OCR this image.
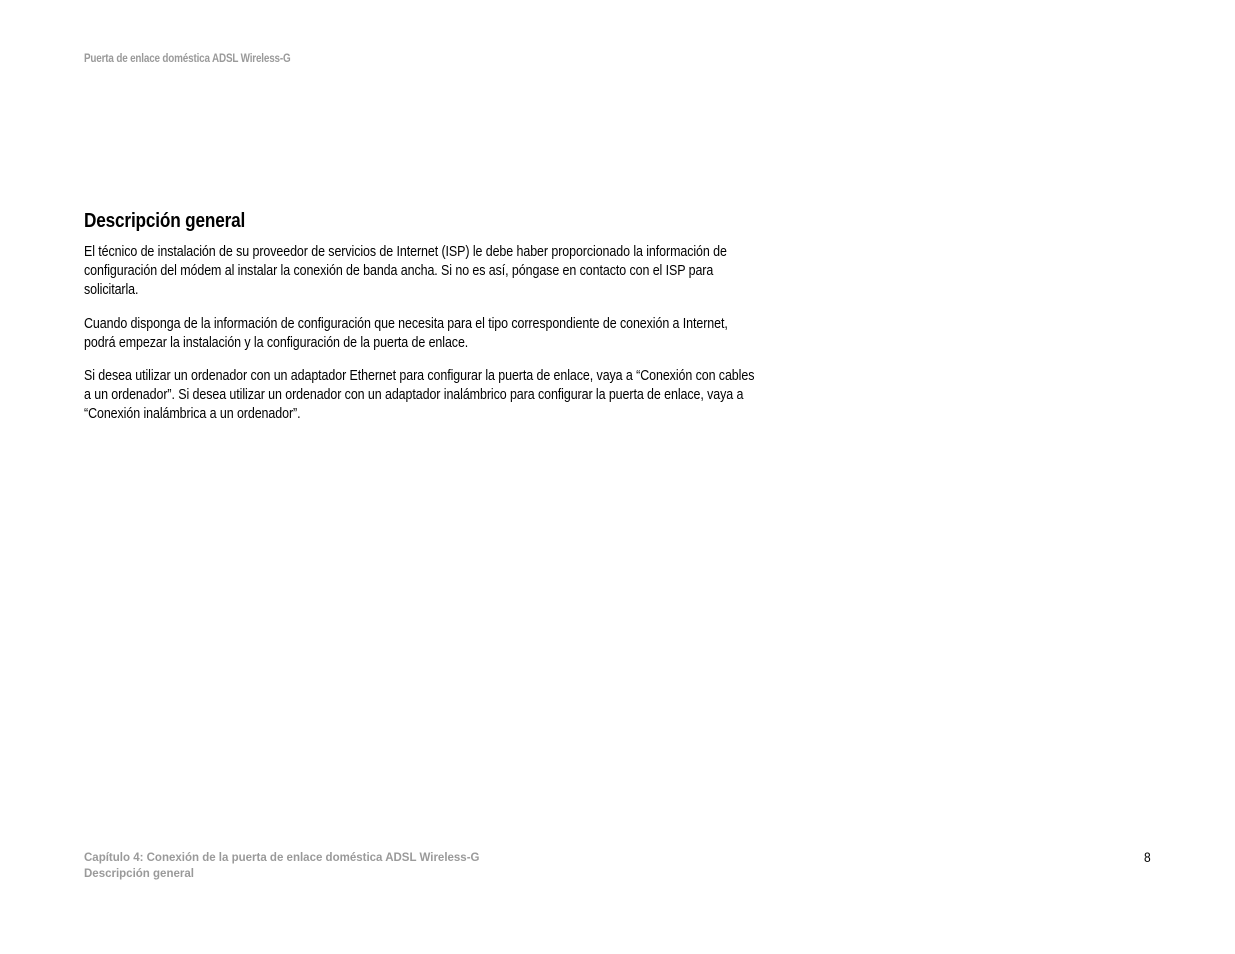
Puerta de enlace doméstica ADSL Wireless-G
Descripción general

El técnico de instalación de su proveedor de servicios de Internet (ISP) le debe haber proporcionado la información de configuración del módem al instalar la conexión de banda ancha. Si no es así, póngase en contacto con el ISP para solicitarla.

Cuando disponga de la información de configuración que necesita para el tipo correspondiente de conexión a Internet, podrá empezar la instalación y la configuración de la puerta de enlace.

Si desea utilizar un ordenador con un adaptador Ethernet para configurar la puerta de enlace, vaya a “Conexión con cables a un ordenador”. Si desea utilizar un ordenador con un adaptador inalámbrico para configurar la puerta de enlace, vaya a “Conexión inalámbrica a un ordenador”.

Capítulo 4: Conexión de la puerta de enlace doméstica ADSL Wireless-G
Descripción general
8
